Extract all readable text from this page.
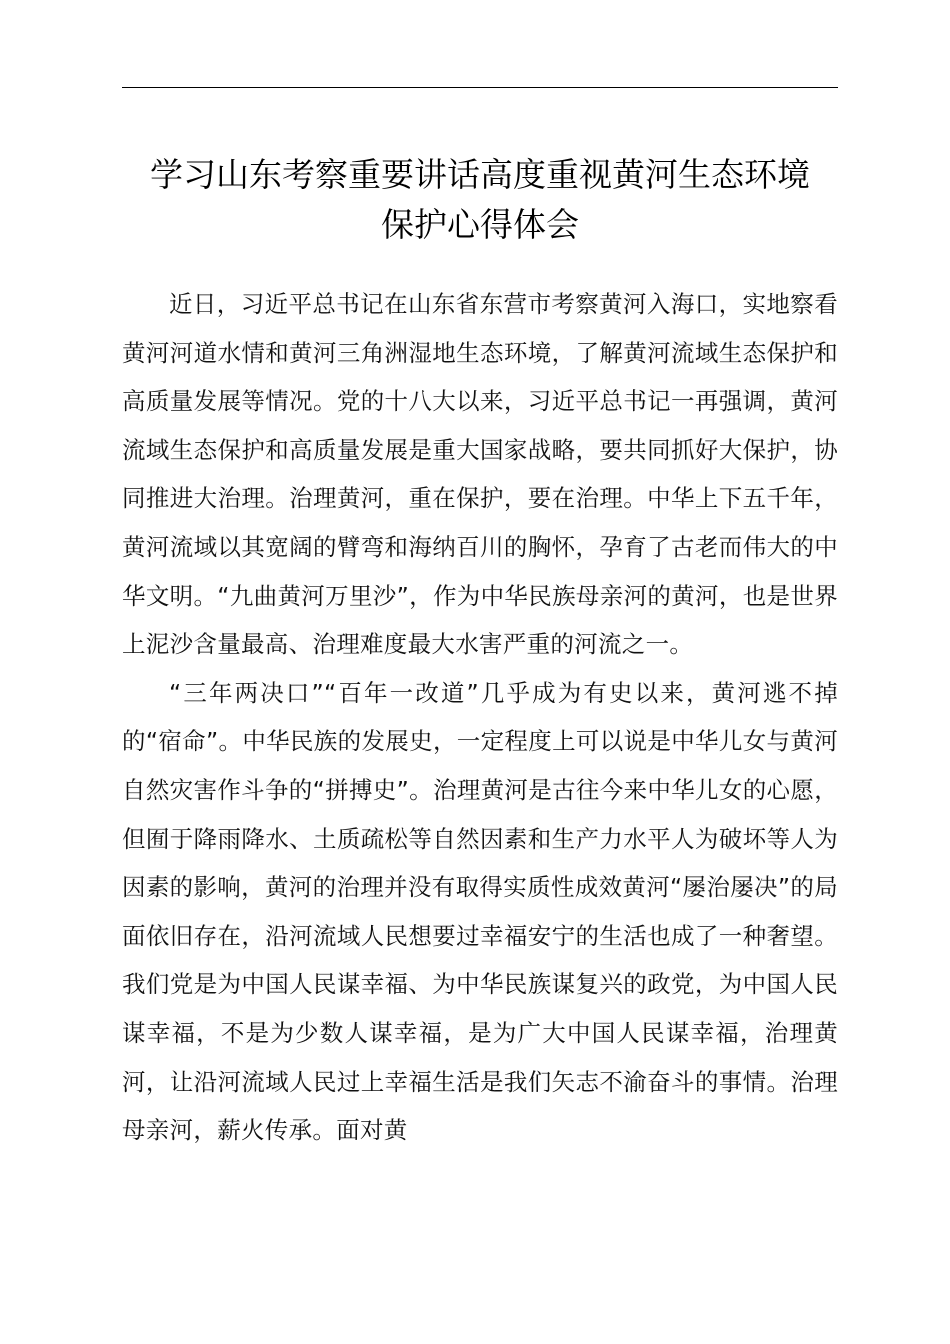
学习山东考察重要讲话高度重视黄河生态环境
保护心得体会

近日，习近平总书记在山东省东营市考察黄河入海口，实地察看黄河河道水情和黄河三角洲湿地生态环境，了解黄河流域生态保护和高质量发展等情况。党的十八大以来，习近平总书记一再强调，黄河流域生态保护和高质量发展是重大国家战略，要共同抓好大保护，协同推进大治理。治理黄河，重在保护，要在治理。中华上下五千年，黄河流域以其宽阔的臂弯和海纳百川的胸怀，孕育了古老而伟大的中华文明。“九曲黄河万里沙”，作为中华民族母亲河的黄河，也是世界上泥沙含量最高、治理难度最大水害严重的河流之一。

“三年两决口”“百年一改道”几乎成为有史以来，黄河逃不掉的“宿命”。中华民族的发展史，一定程度上可以说是中华儿女与黄河自然灾害作斗争的“拼搏史”。治理黄河是古往今来中华儿女的心愿，但囿于降雨降水、土质疏松等自然因素和生产力水平人为破坏等人为因素的影响，黄河的治理并没有取得实质性成效黄河“屡治屡决”的局面依旧存在，沿河流域人民想要过幸福安宁的生活也成了一种奢望。我们党是为中国人民谋幸福、为中华民族谋复兴的政党，为中国人民谋幸福，不是为少数人谋幸福，是为广大中国人民谋幸福，治理黄河，让沿河流域人民过上幸福生活是我们矢志不渝奋斗的事情。治理母亲河，薪火传承。面对黄
